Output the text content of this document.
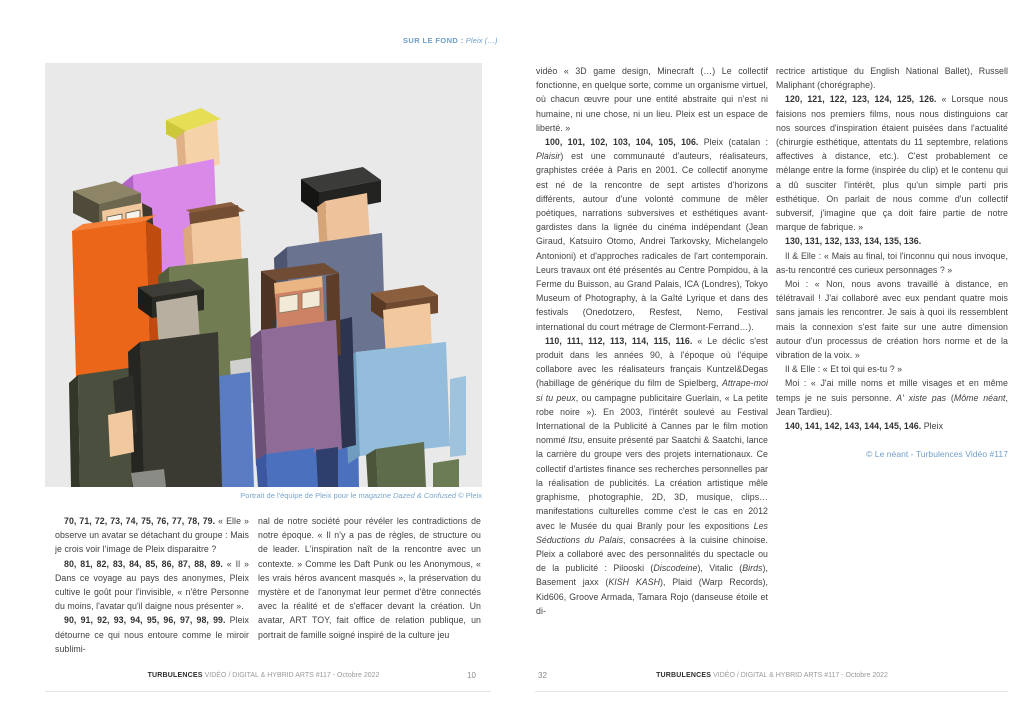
SUR LE FOND : Pleix (…)
Portrait de l'équipe de Pleix pour le magazine Dazed & Confused © Pleix

70, 71, 72, 73, 74, 75, 76, 77, 78, 79. « Elle » observe un avatar se détachant du groupe : Mais je crois voir l'image de Pleix disparaitre ?

80, 81, 82, 83, 84, 85, 86, 87, 88, 89. « Il » Dans ce voyage au pays des anonymes, Pleix cultive le goût pour l'invisible, « n'être Personne du moins, l'avatar qu'il daigne nous présenter ».

90, 91, 92, 93, 94, 95, 96, 97, 98, 99. Pleix détourne ce qui nous entoure comme le miroir sublimi-

nal de notre société pour révéler les contradictions de notre époque. « Il n'y a pas de règles, de structure ou de leader. L'inspiration naît de la rencontre avec un contexte. » Comme les Daft Punk ou les Anonymous, « les vrais héros avancent masqués », la préservation du mystère et de l'anonymat leur permet d'être connectés avec la réalité et de s'effacer devant la création. Un avatar, ART TOY, fait office de relation publique, un portrait de famille soigné inspiré de la culture jeu

vidéo « 3D game design, Minecraft (…) Le collectif fonctionne, en quelque sorte, comme un organisme virtuel, où chacun œuvre pour une entité abstraite qui n'est ni humaine, ni une chose, ni un lieu. Pleix est un espace de liberté. »

100, 101, 102, 103, 104, 105, 106. Pleix (catalan : Plaisir) est une communauté d'auteurs, réalisateurs, graphistes créée à Paris en 2001. Ce collectif anonyme est né de la rencontre de sept artistes d'horizons différents, autour d'une volonté commune de mêler poétiques, narrations subversives et esthétiques avant-gardistes dans la lignée du cinéma indépendant (Jean Giraud, Katsuiro Otomo, Andrei Tarkovsky, Michelangelo Antonioni) et d'approches radicales de l'art contemporain. Leurs travaux ont été présentés au Centre Pompidou, à la Ferme du Buisson, au Grand Palais, ICA (Londres), Tokyo Museum of Photography, à la Gaîté Lyrique et dans des festivals (Onedotzero, Resfest, Nemo, Festival international du court métrage de Clermont-Ferrand…).

110, 111, 112, 113, 114, 115, 116. « Le déclic s'est produit dans les années 90, à l'époque où l'équipe collabore avec les réalisateurs français Kuntzel&Degas (habillage de générique du film de Spielberg, Attrape-moi si tu peux, ou campagne publicitaire Guerlain, « La petite robe noire »). En 2003, l'intérêt soulevé au Festival International de la Publicité à Cannes par le film motion nommé Itsu, ensuite présenté par Saatchi & Saatchi, lance la carrière du groupe vers des projets internationaux. Ce collectif d'artistes finance ses recherches personnelles par la réalisation de publicités. La création artistique mêle graphisme, photographie, 2D, 3D, musique, clips… manifestations culturelles comme c'est le cas en 2012 avec le Musée du quai Branly pour les expositions Les Séductions du Palais, consacrées à la cuisine chinoise. Pleix a collaboré avec des personnalités du spectacle ou de la publicité : Pilooski (Discodeine), Vitalic (Birds), Basement jaxx (KISH KASH), Plaid (Warp Records), Kid606, Groove Armada, Tamara Rojo (danseuse étoile et di-

rectrice artistique du English National Ballet), Russell Maliphant (chorégraphe).

120, 121, 122, 123, 124, 125, 126. « Lorsque nous faisions nos premiers films, nous nous distinguions car nos sources d'inspiration étaient puisées dans l'actualité (chirurgie esthétique, attentats du 11 septembre, relations affectives à distance, etc.). C'est probablement ce mélange entre la forme (inspirée du clip) et le contenu qui a dû susciter l'intérêt, plus qu'un simple parti pris esthétique. On parlait de nous comme d'un collectif subversif, j'imagine que ça doit faire partie de notre marque de fabrique. »

130, 131, 132, 133, 134, 135, 136.

Il & Elle : « Mais au final, toi l'inconnu qui nous invoque, as-tu rencontré ces curieux personnages ? »

Moi : « Non, nous avons travaillé à distance, en télétravail ! J'ai collaboré avec eux pendant quatre mois sans jamais les rencontrer. Je sais à quoi ils ressemblent mais la connexion s'est faite sur une autre dimension autour d'un processus de création hors norme et de la vibration de la voix. »

Il & Elle : « Et toi qui es-tu ? »

Moi : « J'ai mille noms et mille visages et en même temps je ne suis personne. A' xiste pas (Môme néant, Jean Tardieu).

140, 141, 142, 143, 144, 145, 146. Pleix

© Le néant - Turbulences Vidéo #117
TURBULENCES VIDÉO / DIGITAL & HYBRID ARTS #117 - Octobre 2022	10	32	TURBULENCES VIDÉO / DIGITAL & HYBRID ARTS #117 - Octobre 2022
